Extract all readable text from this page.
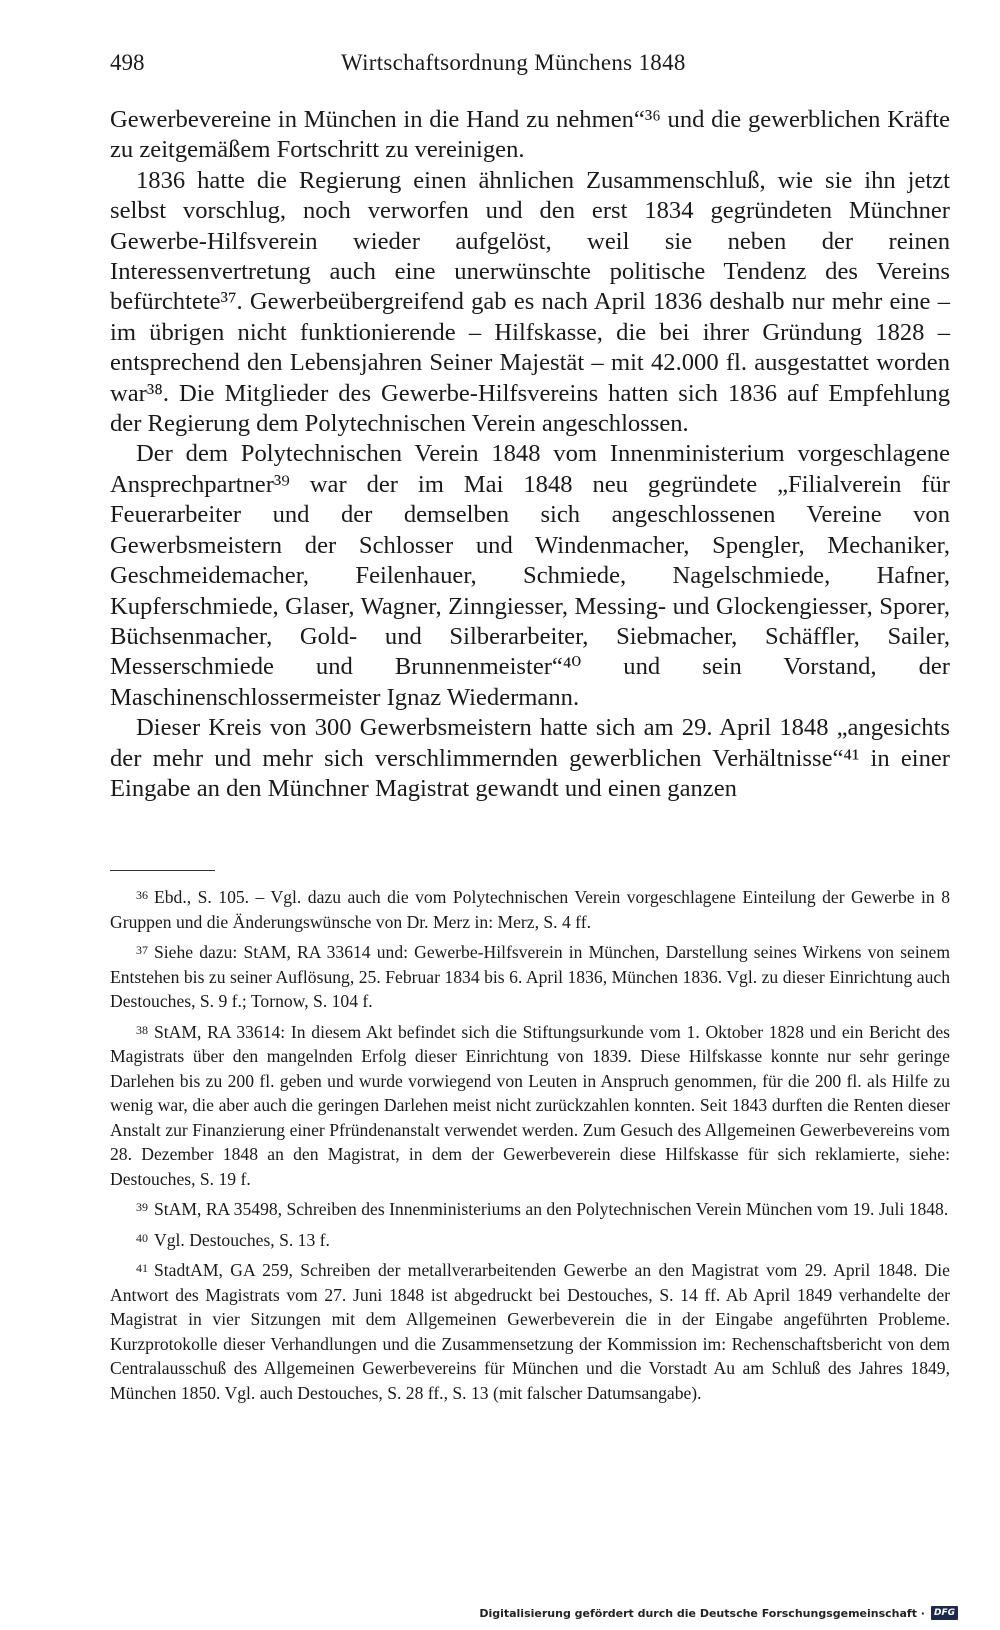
498	Wirtschaftsordnung Münchens 1848

Gewerbevereine in München in die Hand zu nehmen“³⁶ und die gewerblichen Kräfte zu zeitgemäßem Fortschritt zu vereinigen.

1836 hatte die Regierung einen ähnlichen Zusammenschluß, wie sie ihn jetzt selbst vorschlug, noch verworfen und den erst 1834 gegründeten Münchner Gewerbe-Hilfsverein wieder aufgelöst, weil sie neben der reinen Interessenvertretung auch eine unerwünschte politische Tendenz des Vereins befürchtete³⁷. Gewerbeübergreifend gab es nach April 1836 deshalb nur mehr eine – im übrigen nicht funktionierende – Hilfskasse, die bei ihrer Gründung 1828 – entsprechend den Lebensjahren Seiner Majestät – mit 42.000 fl. ausgestattet worden war³⁸. Die Mitglieder des Gewerbe-Hilfsvereins hatten sich 1836 auf Empfehlung der Regierung dem Polytechnischen Verein angeschlossen.

Der dem Polytechnischen Verein 1848 vom Innenministerium vorgeschlagene Ansprechpartner³⁹ war der im Mai 1848 neu gegründete „Filialverein für Feuerarbeiter und der demselben sich angeschlossenen Vereine von Gewerbsmeistern der Schlosser und Windenmacher, Spengler, Mechaniker, Geschmeidemacher, Feilenhauer, Schmiede, Nagelschmiede, Hafner, Kupferschmiede, Glaser, Wagner, Zinngiesser, Messing- und Glockengiesser, Sporer, Büchsenmacher, Gold- und Silberarbeiter, Siebmacher, Schäffler, Sailer, Messerschmiede und Brunnenmeister“⁴⁰ und sein Vorstand, der Maschinenschlossermeister Ignaz Wiedermann.

Dieser Kreis von 300 Gewerbsmeistern hatte sich am 29. April 1848 „angesichts der mehr und mehr sich verschlimmernden gewerblichen Verhältnisse“⁴¹ in einer Eingabe an den Münchner Magistrat gewandt und einen ganzen

$^{36}$ Ebd., S. 105. – Vgl. dazu auch die vom Polytechnischen Verein vorgeschlagene Einteilung der Gewerbe in 8 Gruppen und die Änderungswünsche von Dr. Merz in: Merz, S. 4 ff.

$^{37}$ Siehe dazu: StAM, RA 33614 und: Gewerbe-Hilfsverein in München, Darstellung seines Wirkens von seinem Entstehen bis zu seiner Auflösung, 25. Februar 1834 bis 6. April 1836, München 1836. Vgl. zu dieser Einrichtung auch Destouches, S. 9 f.; Tornow, S. 104 f.

$^{38}$ StAM, RA 33614: In diesem Akt befindet sich die Stiftungsurkunde vom 1. Oktober 1828 und ein Bericht des Magistrats über den mangelnden Erfolg dieser Einrichtung von 1839. Diese Hilfskasse konnte nur sehr geringe Darlehen bis zu 200 fl. geben und wurde vorwiegend von Leuten in Anspruch genommen, für die 200 fl. als Hilfe zu wenig war, die aber auch die geringen Darlehen meist nicht zurückzahlen konnten. Seit 1843 durften die Renten dieser Anstalt zur Finanzierung einer Pfründenanstalt verwendet werden. Zum Gesuch des Allgemeinen Gewerbevereins vom 28. Dezember 1848 an den Magistrat, in dem der Gewerbeverein diese Hilfskasse für sich reklamierte, siehe: Destouches, S. 19 f.

$^{39}$ StAM, RA 35498, Schreiben des Innenministeriums an den Polytechnischen Verein München vom 19. Juli 1848.

$^{40}$ Vgl. Destouches, S. 13 f.

$^{41}$ StadtAM, GA 259, Schreiben der metallverarbeitenden Gewerbe an den Magistrat vom 29. April 1848. Die Antwort des Magistrats vom 27. Juni 1848 ist abgedruckt bei Destouches, S. 14 ff. Ab April 1849 verhandelte der Magistrat in vier Sitzungen mit dem Allgemeinen Gewerbeverein die in der Eingabe angeführten Probleme. Kurzprotokolle dieser Verhandlungen und die Zusammensetzung der Kommission im: Rechenschaftsbericht von dem Centralausschuß des Allgemeinen Gewerbevereins für München und die Vorstadt Au am Schluß des Jahres 1849, München 1850. Vgl. auch Destouches, S. 28 ff., S. 13 (mit falscher Datumsangabe).

Digitalisierung gefördert durch die Deutsche Forschungsgemeinschaft ·	DFG
